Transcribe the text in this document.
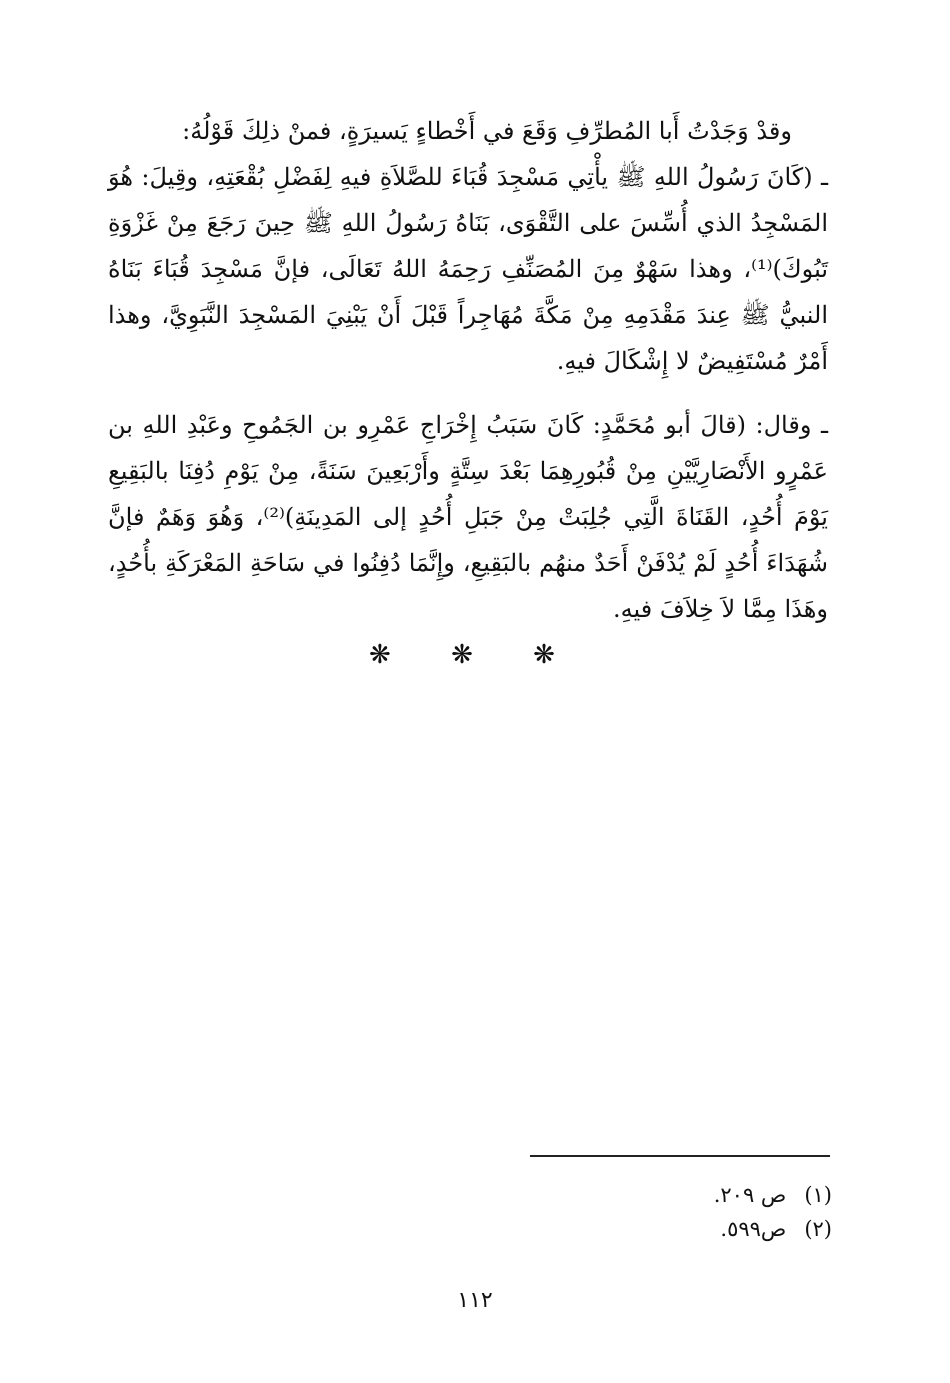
وقدْ وَجَدْتُ أَبا المُطرِّفِ وَقَعَ في أَخْطاءٍ يَسيرَةٍ، فمنْ ذلِكَ قَوْلُهُ:

ـ (كَانَ رَسُولُ اللهِ ﷺ يأْتِي مَسْجِدَ قُبَاءَ للصَّلاَةِ فيهِ لِفَضْلِ بُقْعَتِهِ، وقِيلَ: هُوَ المَسْجِدُ الذي أُسِّسَ على التَّقْوَى، بَنَاهُ رَسُولُ اللهِ ﷺ حِينَ رَجَعَ مِنْ غَزْوَةِ تَبُوكَ)⁽¹⁾، وهذا سَهْوٌ مِنَ المُصَنِّفِ رَحِمَهُ اللهُ تَعَالَى، فإنَّ مَسْجِدَ قُبَاءَ بَنَاهُ النبيُّ ﷺ عِندَ مَقْدَمِهِ مِنْ مَكَّةَ مُهَاجِراً قَبْلَ أَنْ يَبْنِيَ المَسْجِدَ النَّبَوِيَّ، وهذا أَمْرٌ مُسْتَفِيضٌ لا إِشْكَالَ فيهِ.

ـ وقال: (قالَ أبو مُحَمَّدٍ: كَانَ سَبَبُ إِخْرَاجِ عَمْرِو بن الجَمُوحِ وعَبْدِ اللهِ بن عَمْرٍو الأَنْصَارِيَّيْنِ مِنْ قُبُورِهِمَا بَعْدَ سِتَّةٍ وأَرْبَعِينَ سَنَةً، مِنْ يَوْمِ دُفِنَا بالبَقِيعِ يَوْمَ أُحُدٍ، القَنَاةَ الَّتِي جُلِبَتْ مِنْ جَبَلِ أُحُدٍ إلى المَدِينَةِ)⁽²⁾، وَهُوَ وَهَمٌ فإنَّ شُهَدَاءَ أُحُدٍ لَمْ يُدْفَنْ أَحَدٌ منهُم بالبَقِيعِ، وإِنَّمَا دُفِنُوا في سَاحَةِ المَعْرَكَةِ بأُحُدٍ، وهَذَا مِمَّا لاَ خِلاَفَ فيهِ.

❋ ❋ ❋
(١)ص ٢٠٩.
(٢)ص٥٩٩.
١١٢
